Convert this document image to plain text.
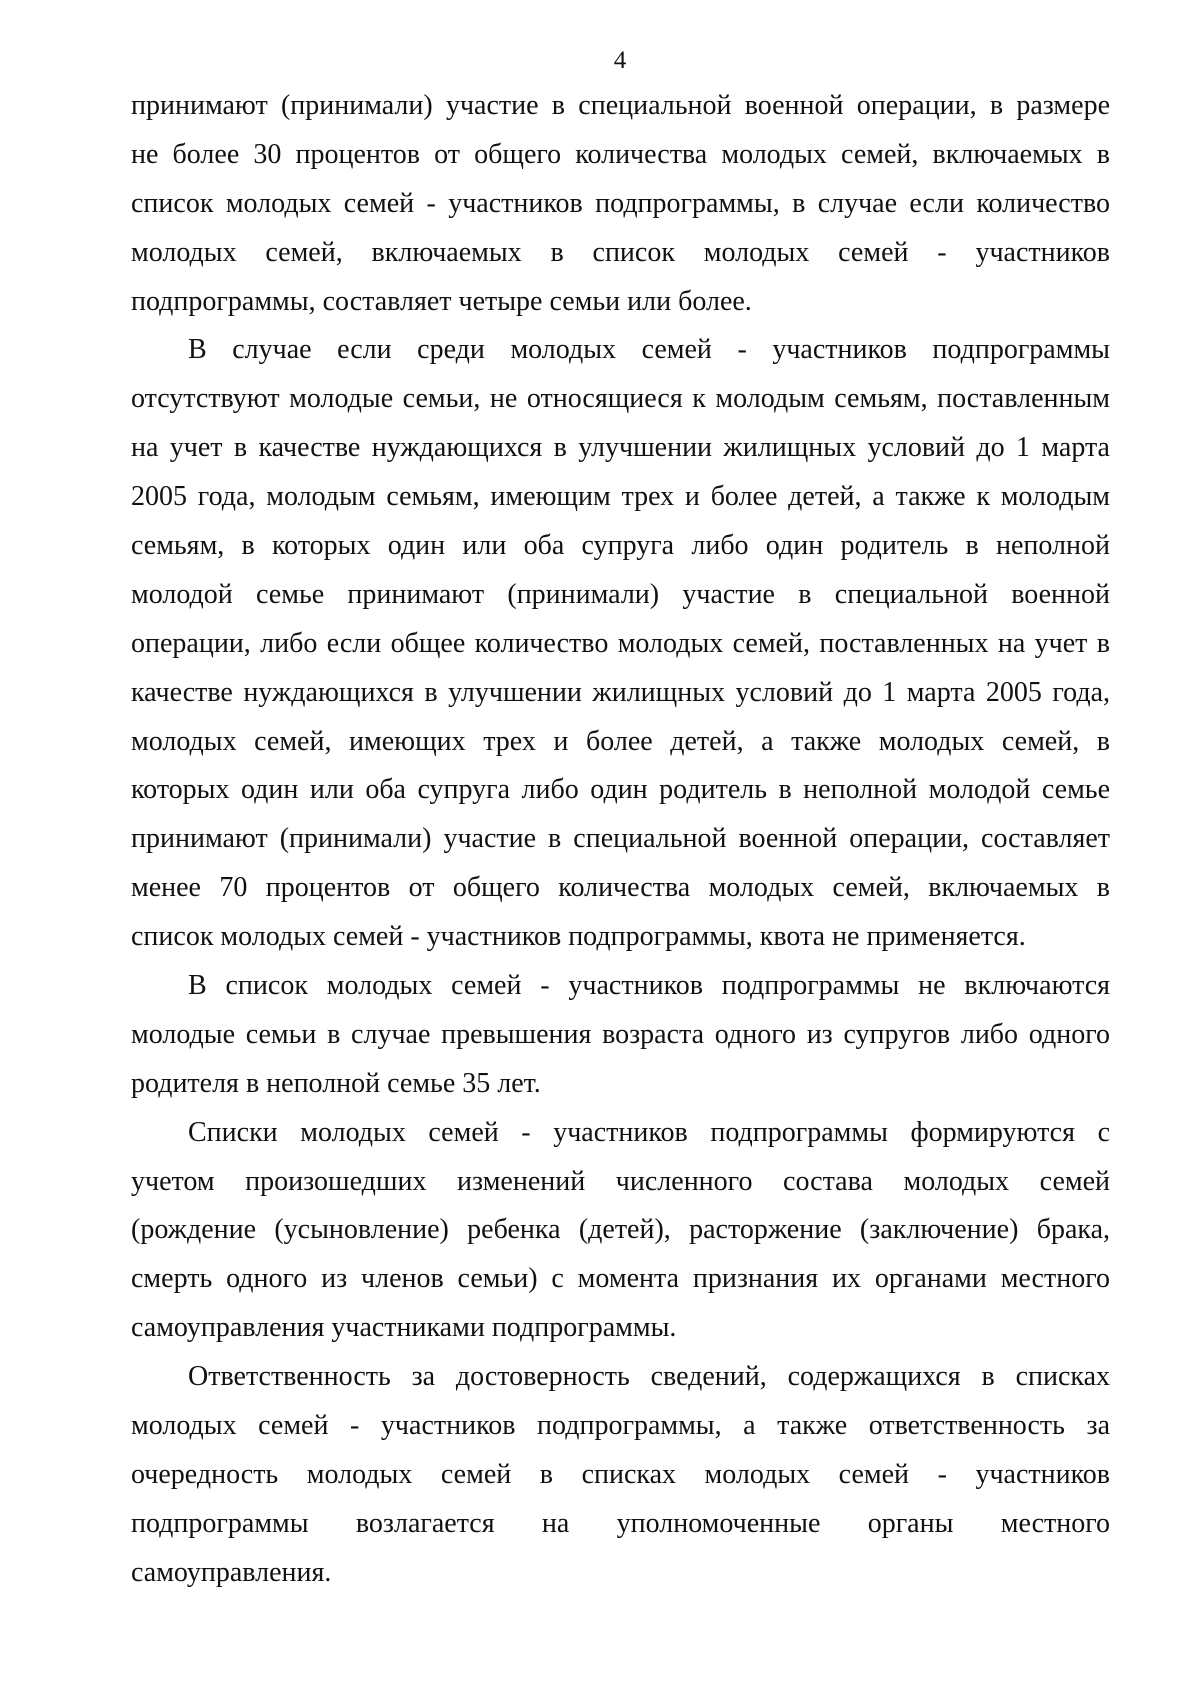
4
принимают (принимали) участие в специальной военной операции, в размере
не более 30 процентов от общего количества молодых семей, включаемых в
список молодых семей - участников подпрограммы, в случае если количество
молодых семей, включаемых в список молодых семей - участников
подпрограммы, составляет четыре семьи или более.
В случае если среди молодых семей - участников подпрограммы
отсутствуют молодые семьи, не относящиеся к молодым семьям, поставленным
на учет в качестве нуждающихся в улучшении жилищных условий до 1 марта
2005 года, молодым семьям, имеющим трех и более детей, а также к молодым
семьям, в которых один или оба супруга либо один родитель в неполной
молодой семье принимают (принимали) участие в специальной военной
операции, либо если общее количество молодых семей, поставленных на учет в
качестве нуждающихся в улучшении жилищных условий до 1 марта 2005 года,
молодых семей, имеющих трех и более детей, а также молодых семей, в
которых один или оба супруга либо один родитель в неполной молодой семье
принимают (принимали) участие в специальной военной операции, составляет
менее 70 процентов от общего количества молодых семей, включаемых в
список молодых семей - участников подпрограммы, квота не применяется.
В список молодых семей - участников подпрограммы не включаются
молодые семьи в случае превышения возраста одного из супругов либо одного
родителя в неполной семье 35 лет.
Списки молодых семей - участников подпрограммы формируются с
учетом произошедших изменений численного состава молодых семей
(рождение (усыновление) ребенка (детей), расторжение (заключение) брака,
смерть одного из членов семьи) с момента признания их органами местного
самоуправления участниками подпрограммы.
Ответственность за достоверность сведений, содержащихся в списках
молодых семей - участников подпрограммы, а также ответственность за
очередность молодых семей в списках молодых семей - участников
подпрограммы возлагается на уполномоченные органы местного
самоуправления.
